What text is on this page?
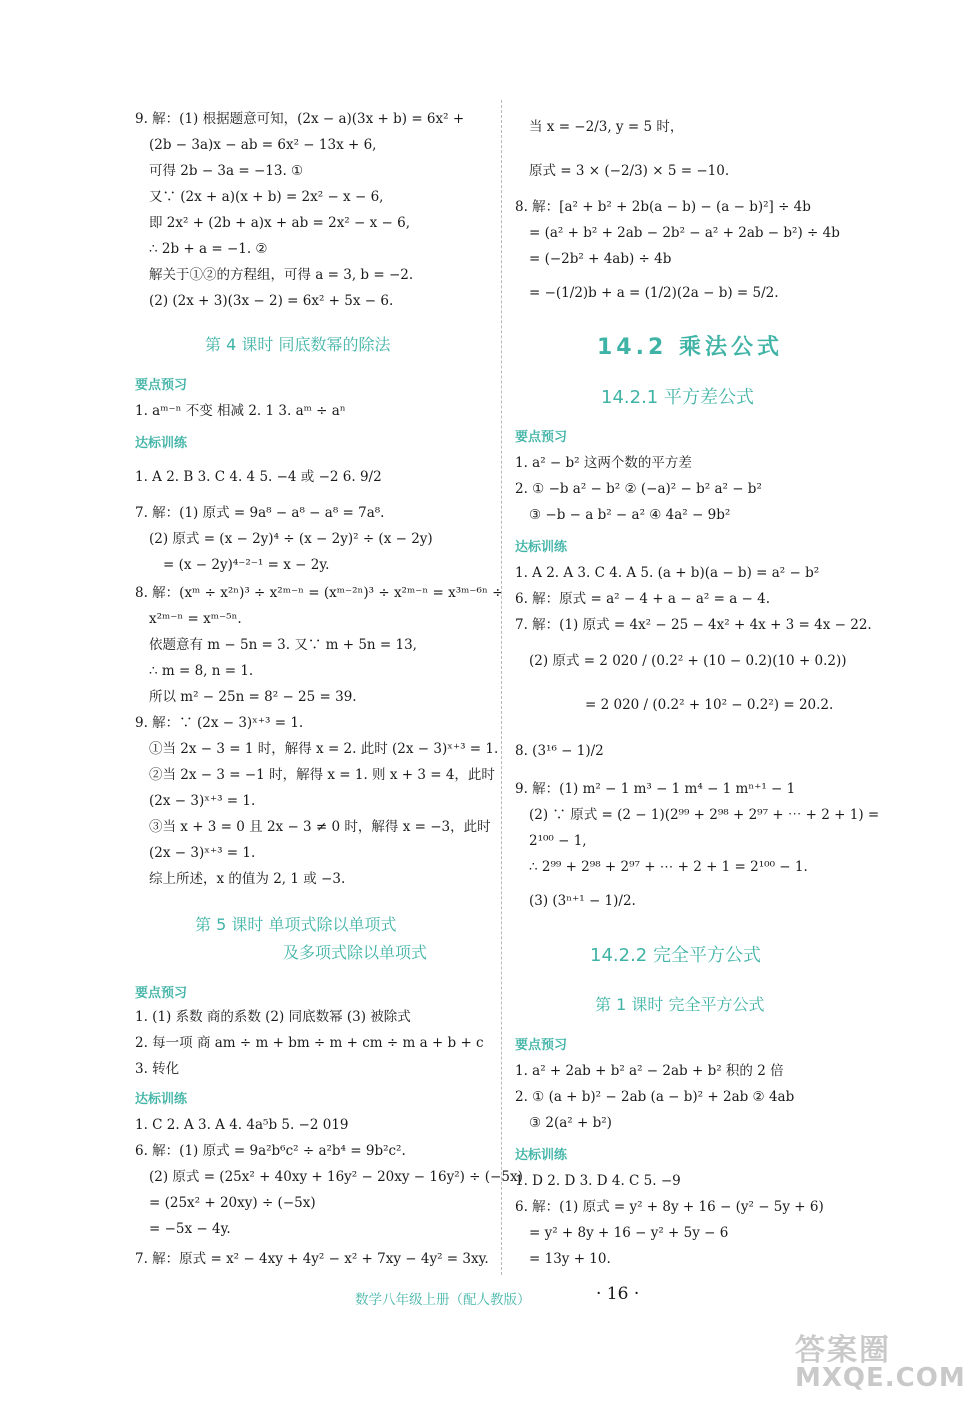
9. 解：(1) 根据题意可知，(2x − a)(3x + b) = 6x² +
(2b − 3a)x − ab = 6x² − 13x + 6,
可得 2b − 3a = −13. ①
又∵ (2x + a)(x + b) = 2x² − x − 6,
即 2x² + (2b + a)x + ab = 2x² − x − 6,
∴ 2b + a = −1. ②
解关于①②的方程组，可得 a = 3, b = −2.
(2) (2x + 3)(3x − 2) = 6x² + 5x − 6.
1. aᵐ⁻ⁿ 不变 相减 2. 1 3. aᵐ ÷ aⁿ
1. A 2. B 3. C 4. 4 5. −4 或 −2 6. 9/2
7. 解：(1) 原式 = 9a⁸ − a⁸ − a⁸ = 7a⁸.
(2) 原式 = (x − 2y)⁴ ÷ (x − 2y)² ÷ (x − 2y)
= (x − 2y)⁴⁻²⁻¹ = x − 2y.
8. 解：(xᵐ ÷ x²ⁿ)³ ÷ x²ᵐ⁻ⁿ = (xᵐ⁻²ⁿ)³ ÷ x²ᵐ⁻ⁿ = x³ᵐ⁻⁶ⁿ ÷
x²ᵐ⁻ⁿ = xᵐ⁻⁵ⁿ.
依题意有 m − 5n = 3. 又∵ m + 5n = 13,
∴ m = 8, n = 1.
所以 m² − 25n = 8² − 25 = 39.
9. 解：∵ (2x − 3)ˣ⁺³ = 1.
①当 2x − 3 = 1 时，解得 x = 2. 此时 (2x − 3)ˣ⁺³ = 1.
②当 2x − 3 = −1 时，解得 x = 1. 则 x + 3 = 4，此时
(2x − 3)ˣ⁺³ = 1.
③当 x + 3 = 0 且 2x − 3 ≠ 0 时，解得 x = −3，此时
(2x − 3)ˣ⁺³ = 1.
综上所述，x 的值为 2, 1 或 −3.
1. (1) 系数 商的系数 (2) 同底数幂 (3) 被除式
2. 每一项 商 am ÷ m + bm ÷ m + cm ÷ m a + b + c
3. 转化
1. C 2. A 3. A 4. 4a⁵b 5. −2 019
6. 解：(1) 原式 = 9a²b⁶c² ÷ a²b⁴ = 9b²c².
(2) 原式 = (25x² + 40xy + 16y² − 20xy − 16y²) ÷ (−5x)
= (25x² + 20xy) ÷ (−5x)
= −5x − 4y.
7. 解：原式 = x² − 4xy + 4y² − x² + 7xy − 4y² = 3xy.
第 4 课时 同底数幂的除法
第 5 课时 单项式除以单项式
及多项式除以单项式
要点预习
达标训练
要点预习
达标训练
当 x = −2/3, y = 5 时，
原式 = 3 × (−2/3) × 5 = −10.
8. 解：[a² + b² + 2b(a − b) − (a − b)²] ÷ 4b
= (a² + b² + 2ab − 2b² − a² + 2ab − b²) ÷ 4b
= (−2b² + 4ab) ÷ 4b
= −(1/2)b + a = (1/2)(2a − b) = 5/2.
1. a² − b² 这两个数的平方差
2. ① −b a² − b² ② (−a)² − b² a² − b²
③ −b − a b² − a² ④ 4a² − 9b²
1. A 2. A 3. C 4. A 5. (a + b)(a − b) = a² − b²
6. 解：原式 = a² − 4 + a − a² = a − 4.
7. 解：(1) 原式 = 4x² − 25 − 4x² + 4x + 3 = 4x − 22.
(2) 原式 = 2 020 / (0.2² + (10 − 0.2)(10 + 0.2))
= 2 020 / (0.2² + 10² − 0.2²) = 20.2.
8. (3¹⁶ − 1)/2
9. 解：(1) m² − 1 m³ − 1 m⁴ − 1 mⁿ⁺¹ − 1
(2) ∵ 原式 = (2 − 1)(2⁹⁹ + 2⁹⁸ + 2⁹⁷ + ⋯ + 2 + 1) =
2¹⁰⁰ − 1,
∴ 2⁹⁹ + 2⁹⁸ + 2⁹⁷ + ⋯ + 2 + 1 = 2¹⁰⁰ − 1.
(3) (3ⁿ⁺¹ − 1)/2.
1. a² + 2ab + b² a² − 2ab + b² 积的 2 倍
2. ① (a + b)² − 2ab (a − b)² + 2ab ② 4ab
③ 2(a² + b²)
1. D 2. D 3. D 4. C 5. −9
6. 解：(1) 原式 = y² + 8y + 16 − (y² − 5y + 6)
= y² + 8y + 16 − y² + 5y − 6
= 13y + 10.
14.2 乘法公式
14.2.1 平方差公式
14.2.2 完全平方公式
第 1 课时 完全平方公式
要点预习
达标训练
要点预习
达标训练
数学八年级上册（配人教版）	· 16 ·
答案圈
MXQE.COM
